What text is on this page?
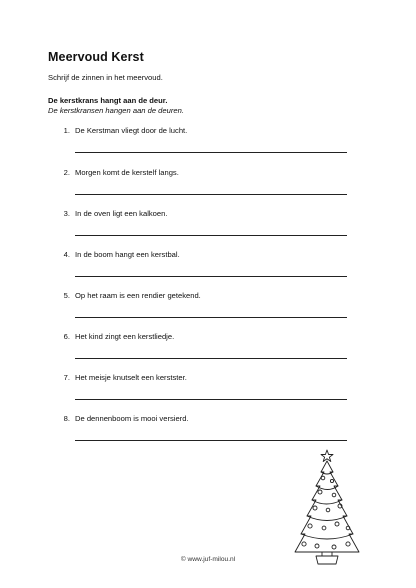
Meervoud Kerst
Schrijf de zinnen in het meervoud.
De kerstkrans hangt aan de deur.
De kerstkransen hangen aan de deuren.
1. De Kerstman vliegt door de lucht.
2. Morgen komt de kerstelf langs.
3. In de oven ligt een kalkoen.
4. In de boom hangt een kerstbal.
5. Op het raam is een rendier getekend.
6. Het kind zingt een kerstliedje.
7. Het meisje knutselt een kerstster.
8. De dennenboom is mooi versierd.
© www.juf-milou.nl
